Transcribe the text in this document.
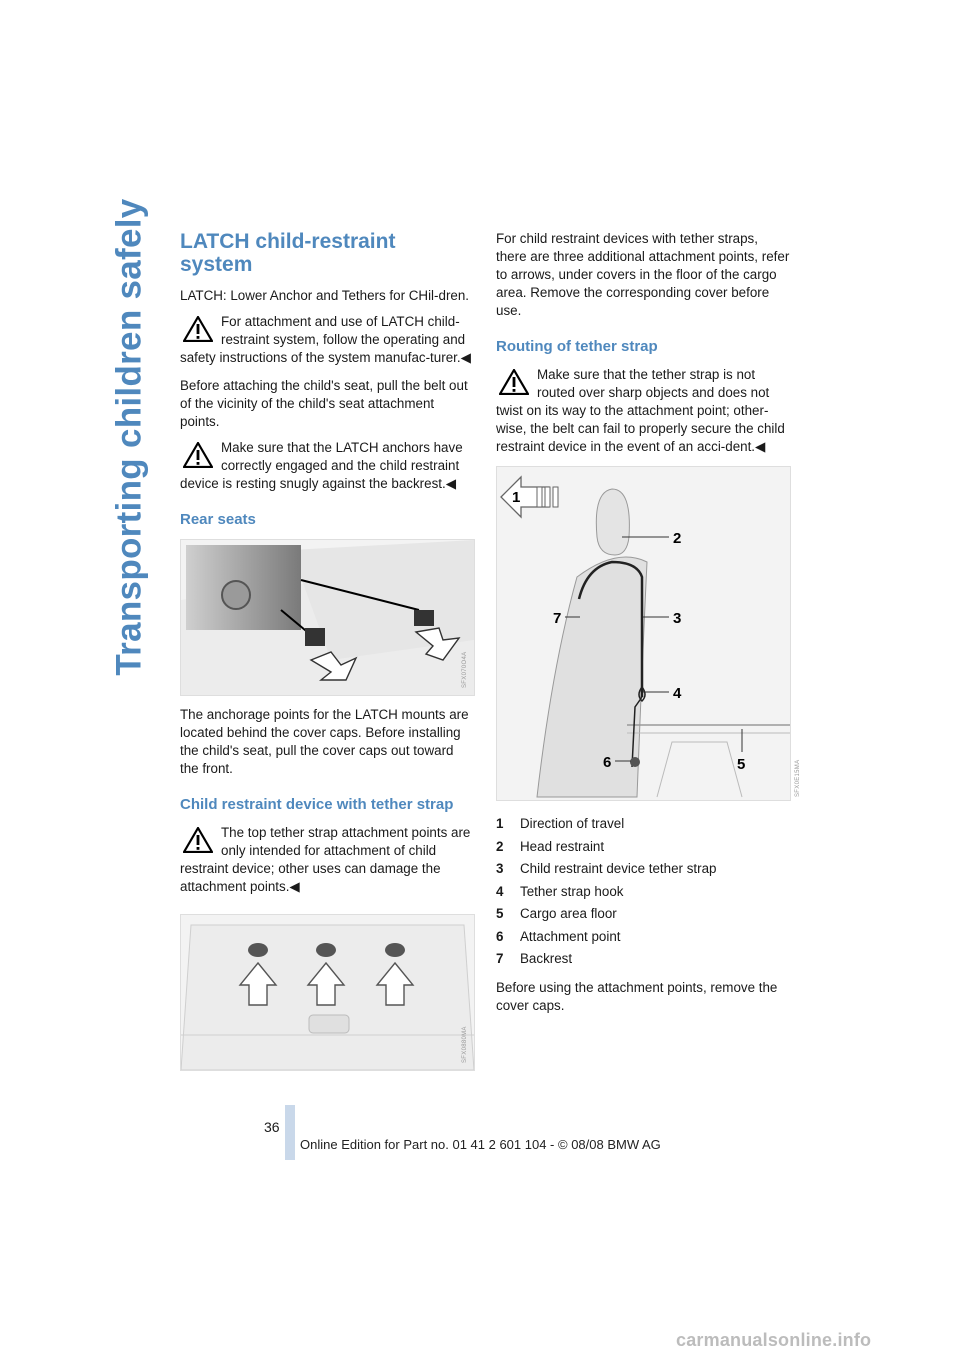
Transporting children safely LATCH child-restraint system

LATCH: Lower Anchor and Tethers for CHil-dren.

For attachment and use of LATCH child-restraint system, follow the operating and safety instructions of the system manufac-turer.◀

Before attaching the child's seat, pull the belt out of the vicinity of the child's seat attachment points.

Make sure that the LATCH anchors have correctly engaged and the child restraint device is resting snugly against the backrest.◀
Rear seats
SFX070O4A

The anchorage points for the LATCH mounts are located behind the cover caps. Before installing the child's seat, pull the cover caps out toward the front.

Child restraint device with tether strap
The top tether strap attachment points are only intended for attachment of child restraint device; other uses can damage the attachment points.◀
SFX0880MA

For child restraint devices with tether straps, there are three additional attachment points, refer to arrows, under covers in the floor of the cargo area. Remove the corresponding cover before use.

Routing of tether strap
Make sure that the tether strap is not routed over sharp objects and does not twist on its way to the attachment point; other-wise, the belt can fail to properly secure the child restraint device in the event of an acci-dent.◀
1
2
3
4
5
6
7
SFX0E15MA
1 Direction of travel
2 Head restraint
3 Child restraint device tether strap
4 Tether strap hook
5 Cargo area floor
6 Attachment point
7 Backrest

Before using the attachment points, remove the cover caps.

36
Online Edition for Part no. 01 41 2 601 104 - © 08/08 BMW AG
carmanualsonline.info
